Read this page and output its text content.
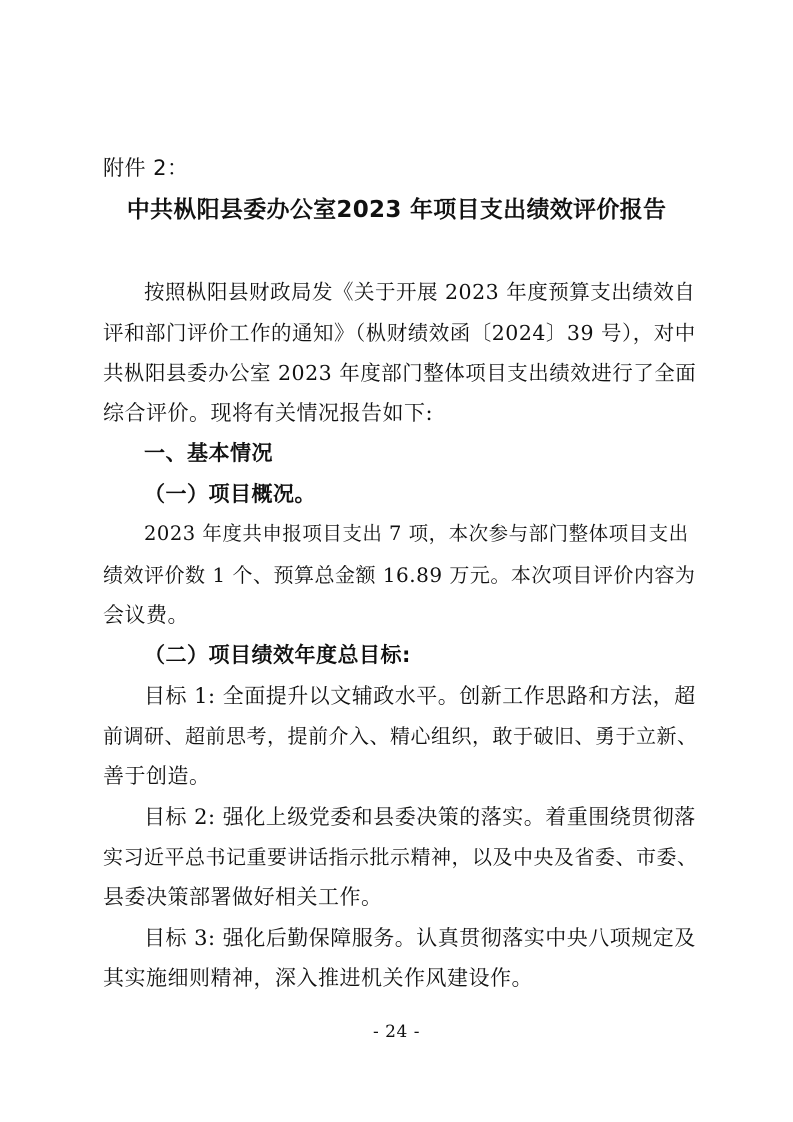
附件 2：
中共枞阳县委办公室2023 年项目支出绩效评价报告
按照枞阳县财政局发《关于开展 2023 年度预算支出绩效自
评和部门评价工作的通知》（枞财绩效函〔2024〕39 号），对中
共枞阳县委办公室 2023 年度部门整体项目支出绩效进行了全面
综合评价。现将有关情况报告如下:
一、基本情况
（一）项目概况。
2023 年度共申报项目支出 7 项，本次参与部门整体项目支出
绩效评价数 1 个、预算总金额 16.89 万元。本次项目评价内容为
会议费。
（二）项目绩效年度总目标:
目标 1: 全面提升以文辅政水平。创新工作思路和方法，超
前调研、超前思考，提前介入、精心组织，敢于破旧、勇于立新、
善于创造。
目标 2: 强化上级党委和县委决策的落实。着重围绕贯彻落
实习近平总书记重要讲话指示批示精神，以及中央及省委、市委、
县委决策部署做好相关工作。
目标 3: 强化后勤保障服务。认真贯彻落实中央八项规定及
其实施细则精神，深入推进机关作风建设作。
- 24 -
